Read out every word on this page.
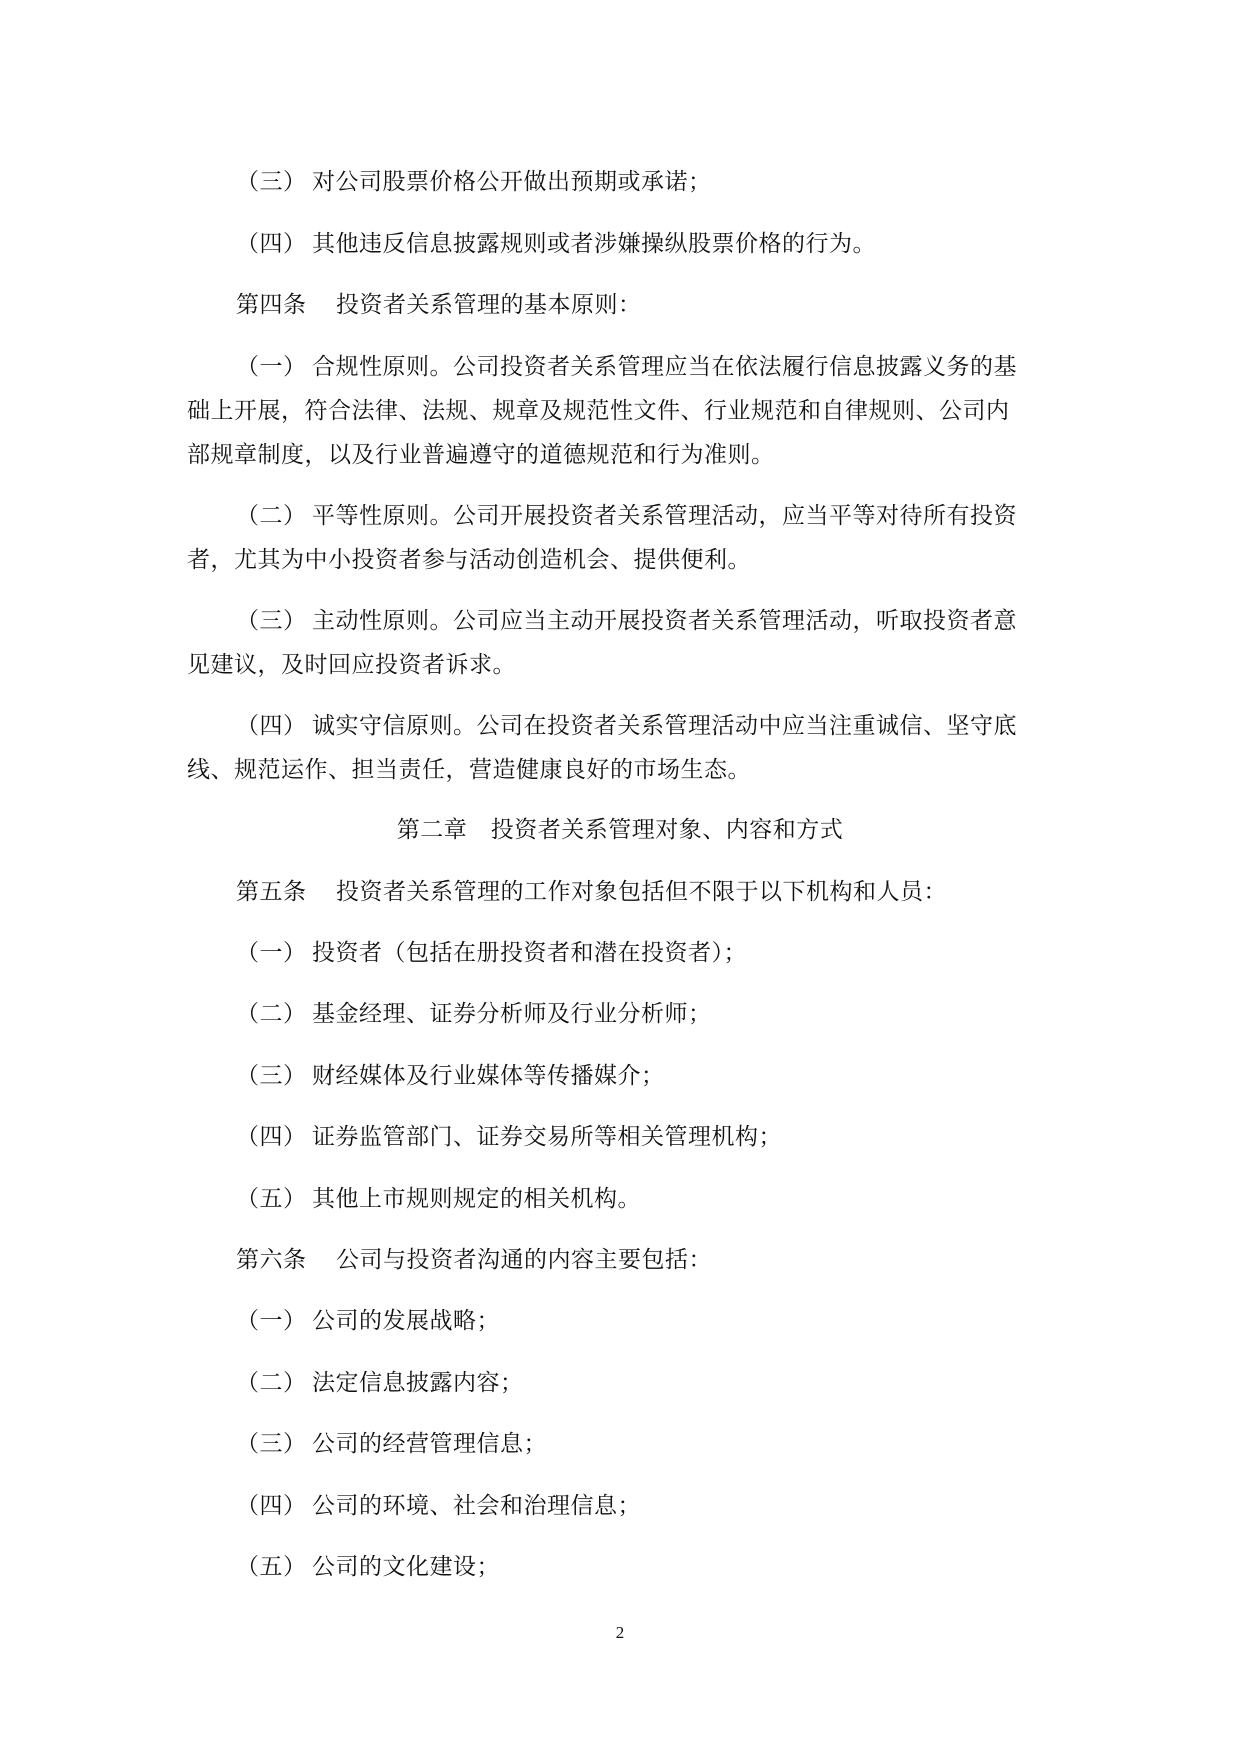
（三） 对公司股票价格公开做出预期或承诺；
（四） 其他违反信息披露规则或者涉嫌操纵股票价格的行为。
第四条 投资者关系管理的基本原则：
（一） 合规性原则。公司投资者关系管理应当在依法履行信息披露义务的基
础上开展，符合法律、法规、规章及规范性文件、行业规范和自律规则、公司内
部规章制度，以及行业普遍遵守的道德规范和行为准则。
（二） 平等性原则。公司开展投资者关系管理活动，应当平等对待所有投资
者，尤其为中小投资者参与活动创造机会、提供便利。
（三） 主动性原则。公司应当主动开展投资者关系管理活动，听取投资者意
见建议，及时回应投资者诉求。
（四） 诚实守信原则。公司在投资者关系管理活动中应当注重诚信、坚守底
线、规范运作、担当责任，营造健康良好的市场生态。
第二章　投资者关系管理对象、内容和方式
第五条 投资者关系管理的工作对象包括但不限于以下机构和人员：
（一） 投资者（包括在册投资者和潜在投资者）；
（二） 基金经理、证券分析师及行业分析师；
（三） 财经媒体及行业媒体等传播媒介；
（四） 证券监管部门、证券交易所等相关管理机构；
（五） 其他上市规则规定的相关机构。
第六条 公司与投资者沟通的内容主要包括：
（一） 公司的发展战略；
（二） 法定信息披露内容；
（三） 公司的经营管理信息；
（四） 公司的环境、社会和治理信息；
（五） 公司的文化建设；
2
